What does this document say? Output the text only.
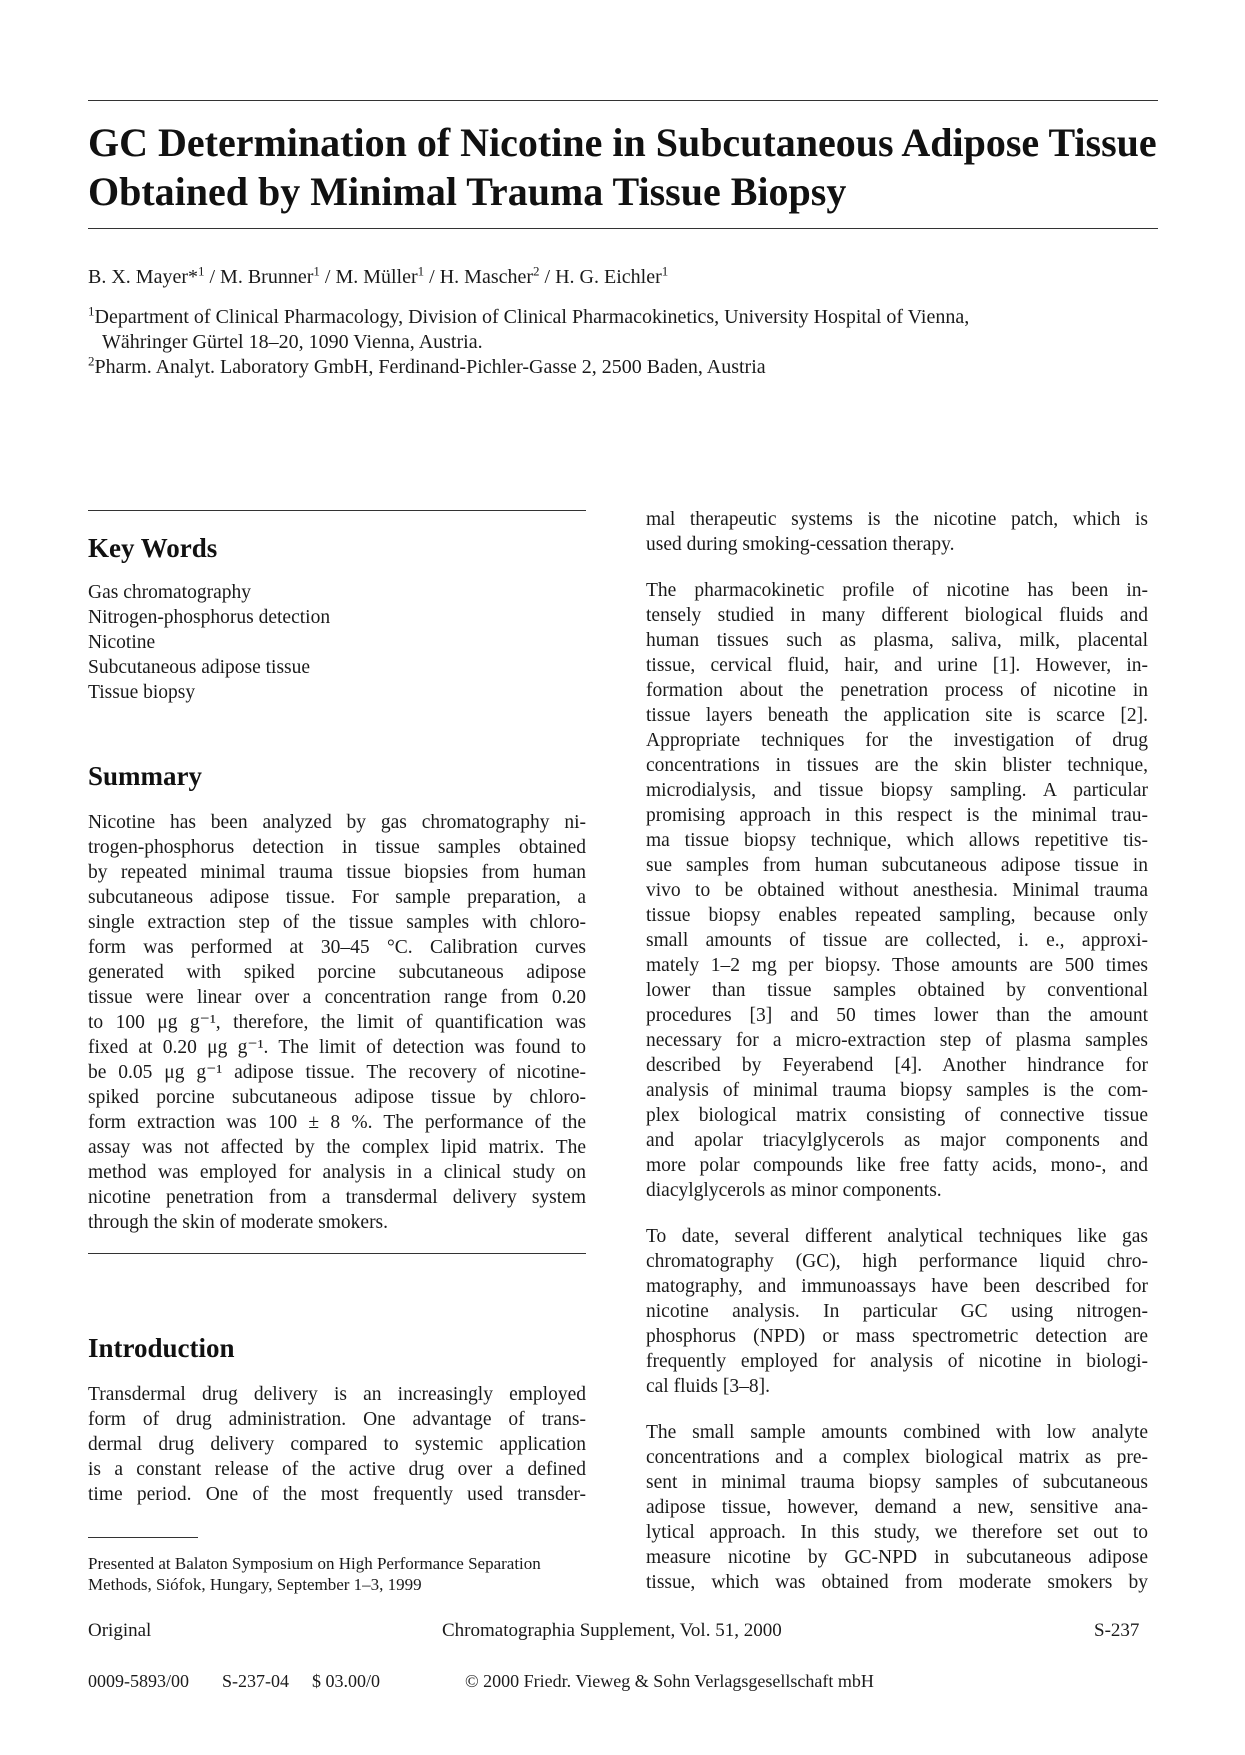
GC Determination of Nicotine in Subcutaneous Adipose Tissue
Obtained by Minimal Trauma Tissue Biopsy

B. X. Mayer*$^1$ / M. Brunner$^1$ / M. Müller$^1$ / H. Mascher$^2$ / H. G. Eichler$^1$

$^1$Department of Clinical Pharmacology, Division of Clinical Pharmacokinetics, University Hospital of Vienna,

Währinger Gürtel 18–20, 1090 Vienna, Austria.

$^2$Pharm. Analyt. Laboratory GmbH, Ferdinand-Pichler-Gasse 2, 2500 Baden, Austria

Key Words
Gas chromatography
Nitrogen-phosphorus detection
Nicotine
Subcutaneous adipose tissue
Tissue biopsy
Summary

Nicotine has been analyzed by gas chromatography ni-

trogen-phosphorus detection in tissue samples obtained

by repeated minimal trauma tissue biopsies from human

subcutaneous adipose tissue. For sample preparation, a

single extraction step of the tissue samples with chloro-

form was performed at 30–45 °C. Calibration curves

generated with spiked porcine subcutaneous adipose

tissue were linear over a concentration range from 0.20

to 100 μg g⁻¹, therefore, the limit of quantification was

fixed at 0.20 μg g⁻¹. The limit of detection was found to

be 0.05 μg g⁻¹ adipose tissue. The recovery of nicotine-

spiked porcine subcutaneous adipose tissue by chloro-

form extraction was 100 ± 8 %. The performance of the

assay was not affected by the complex lipid matrix. The

method was employed for analysis in a clinical study on

nicotine penetration from a transdermal delivery system

through the skin of moderate smokers.

Introduction

Transdermal drug delivery is an increasingly employed

form of drug administration. One advantage of trans-

dermal drug delivery compared to systemic application

is a constant release of the active drug over a defined

time period. One of the most frequently used transder-

Presented at Balaton Symposium on High Performance Separation

Methods, Siófok, Hungary, September 1–3, 1999

mal therapeutic systems is the nicotine patch, which is

used during smoking-cessation therapy.

The pharmacokinetic profile of nicotine has been in-

tensely studied in many different biological fluids and

human tissues such as plasma, saliva, milk, placental

tissue, cervical fluid, hair, and urine [1]. However, in-

formation about the penetration process of nicotine in

tissue layers beneath the application site is scarce [2].

Appropriate techniques for the investigation of drug

concentrations in tissues are the skin blister technique,

microdialysis, and tissue biopsy sampling. A particular

promising approach in this respect is the minimal trau-

ma tissue biopsy technique, which allows repetitive tis-

sue samples from human subcutaneous adipose tissue in

vivo to be obtained without anesthesia. Minimal trauma

tissue biopsy enables repeated sampling, because only

small amounts of tissue are collected, i. e., approxi-

mately 1–2 mg per biopsy. Those amounts are 500 times

lower than tissue samples obtained by conventional

procedures [3] and 50 times lower than the amount

necessary for a micro-extraction step of plasma samples

described by Feyerabend [4]. Another hindrance for

analysis of minimal trauma biopsy samples is the com-

plex biological matrix consisting of connective tissue

and apolar triacylglycerols as major components and

more polar compounds like free fatty acids, mono-, and

diacylglycerols as minor components.

To date, several different analytical techniques like gas

chromatography (GC), high performance liquid chro-

matography, and immunoassays have been described for

nicotine analysis. In particular GC using nitrogen-

phosphorus (NPD) or mass spectrometric detection are

frequently employed for analysis of nicotine in biologi-

cal fluids [3–8].

The small sample amounts combined with low analyte

concentrations and a complex biological matrix as pre-

sent in minimal trauma biopsy samples of subcutaneous

adipose tissue, however, demand a new, sensitive ana-

lytical approach. In this study, we therefore set out to

measure nicotine by GC-NPD in subcutaneous adipose

tissue, which was obtained from moderate smokers by

Original	Chromatographia Supplement, Vol. 51, 2000	S-237
0009-5893/00 S-237-04 $ 03.00/0	© 2000 Friedr. Vieweg & Sohn Verlagsgesellschaft mbH
